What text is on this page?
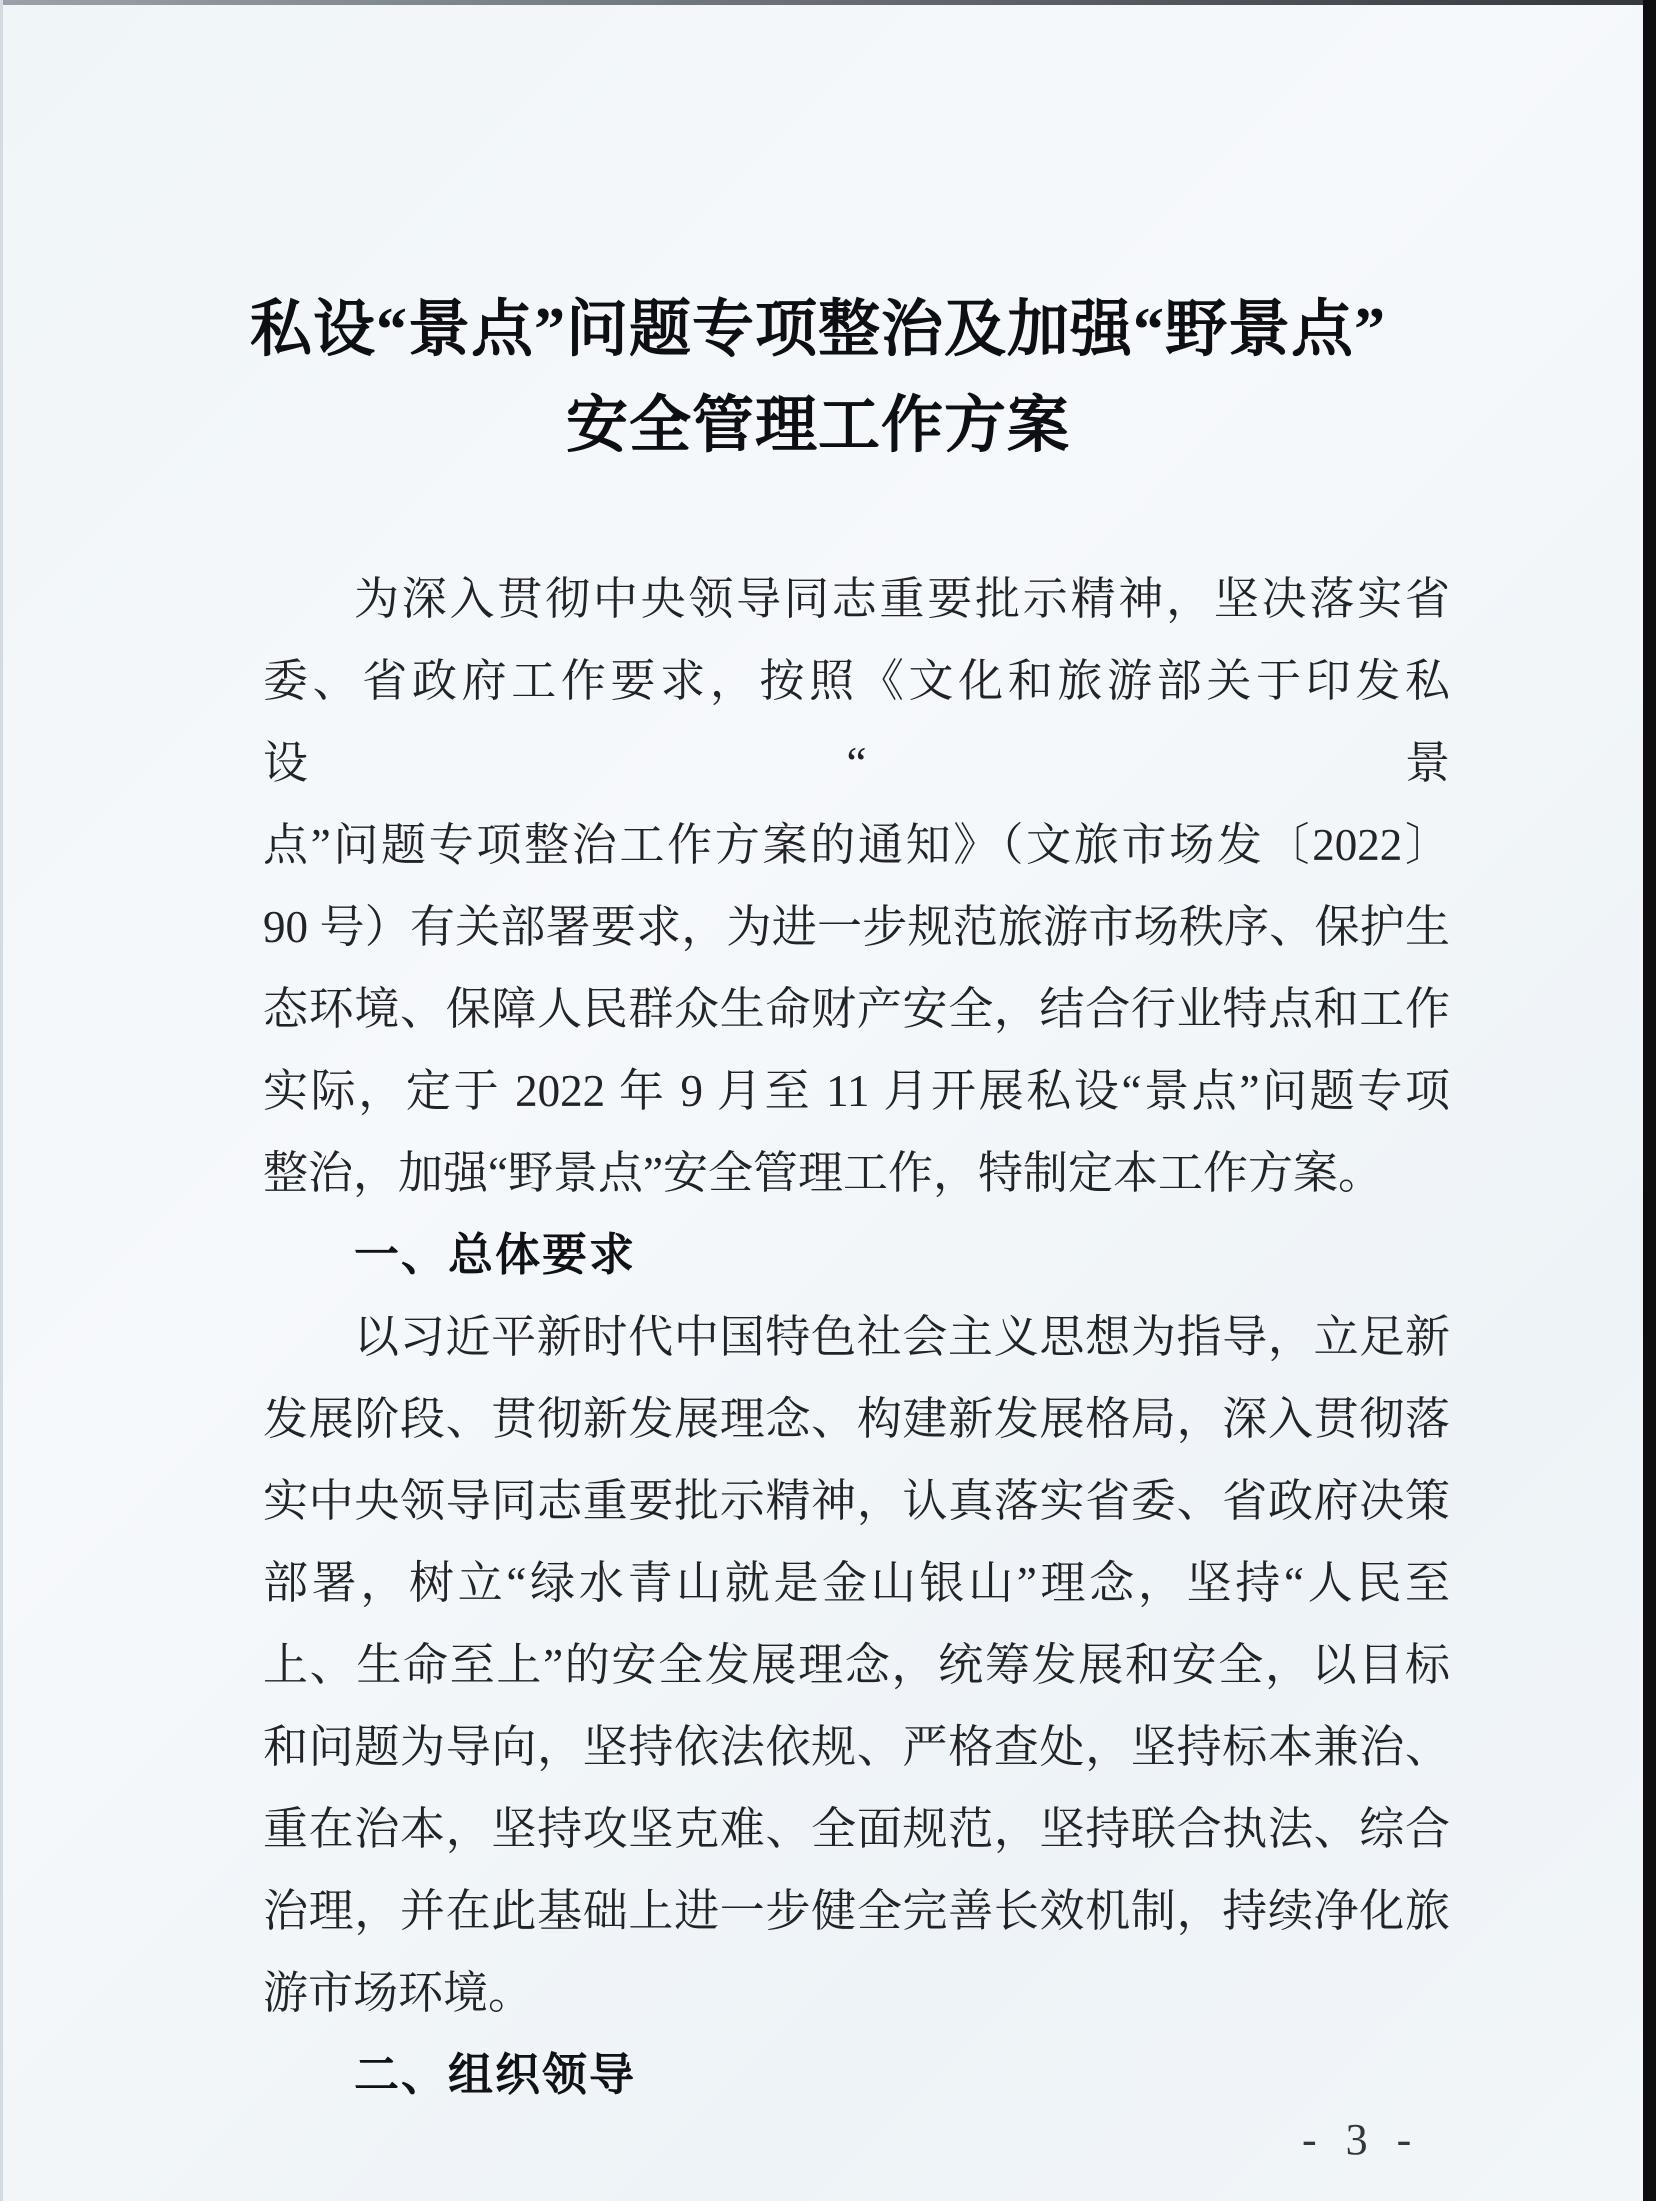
私设“景点”问题专项整治及加强“野景点”
安全管理工作方案
为深入贯彻中央领导同志重要批示精神，坚决落实省
委、省政府工作要求，按照《文化和旅游部关于印发私设“景
点”问题专项整治工作方案的通知》（文旅市场发〔2022〕
90 号）有关部署要求，为进一步规范旅游市场秩序、保护生
态环境、保障人民群众生命财产安全，结合行业特点和工作
实际，定于 2022 年 9 月至 11 月开展私设“景点”问题专项
整治，加强“野景点”安全管理工作，特制定本工作方案。
一、总体要求
以习近平新时代中国特色社会主义思想为指导，立足新
发展阶段、贯彻新发展理念、构建新发展格局，深入贯彻落
实中央领导同志重要批示精神，认真落实省委、省政府决策
部署，树立“绿水青山就是金山银山”理念，坚持“人民至
上、生命至上”的安全发展理念，统筹发展和安全，以目标
和问题为导向，坚持依法依规、严格查处，坚持标本兼治、
重在治本，坚持攻坚克难、全面规范，坚持联合执法、综合
治理，并在此基础上进一步健全完善长效机制，持续净化旅
游市场环境。
二、组织领导
- 3 -
